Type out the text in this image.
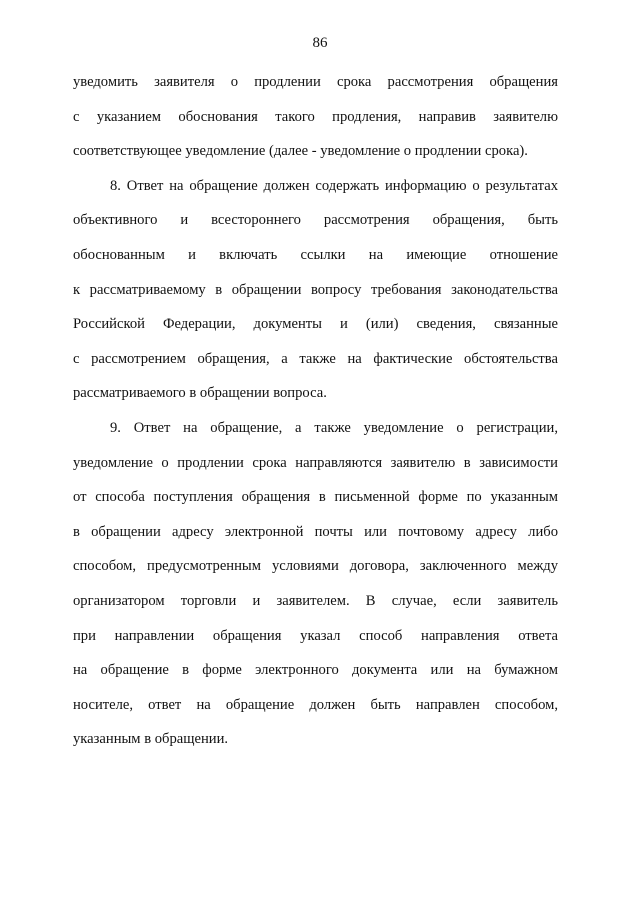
86
уведомить заявителя о продлении срока рассмотрения обращения
с указанием обоснования такого продления, направив заявителю
соответствующее уведомление (далее - уведомление о продлении срока).
8. Ответ на обращение должен содержать информацию о результатах
объективного и всестороннего рассмотрения обращения, быть
обоснованным и включать ссылки на имеющие отношение
к рассматриваемому в обращении вопросу требования законодательства
Российской Федерации, документы и (или) сведения, связанные
с рассмотрением обращения, а также на фактические обстоятельства
рассматриваемого в обращении вопроса.
9. Ответ на обращение, а также уведомление о регистрации,
уведомление о продлении срока направляются заявителю в зависимости
от способа поступления обращения в письменной форме по указанным
в обращении адресу электронной почты или почтовому адресу либо
способом, предусмотренным условиями договора, заключенного между
организатором торговли и заявителем. В случае, если заявитель
при направлении обращения указал способ направления ответа
на обращение в форме электронного документа или на бумажном
носителе, ответ на обращение должен быть направлен способом,
указанным в обращении.
